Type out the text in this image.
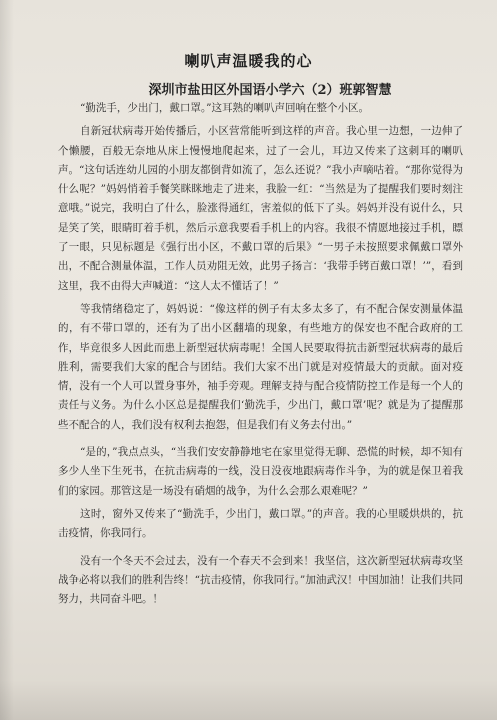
喇叭声温暖我的心
深圳市盐田区外国语小学六（2）班郭智慧

“勤洗手，少出门，戴口罩。”这耳熟的喇叭声回响在整个小区。

自新冠状病毒开始传播后，小区营常能听到这样的声音。我心里一边想，一边伸了个懒腰，百般无奈地从床上慢慢地爬起来，过了一会儿，耳边又传来了这刺耳的喇叭声。“这句话连幼儿园的小朋友都倒背如流了，怎么还说？”我小声嘀咕着。“那你觉得为什么呢？”妈妈悄着手餐笑眯眯地走了进来，我脸一红：“当然是为了提醒我们要时刻注意哦。”说完，我明白了什么，脸涨得通红，害羞似的低下了头。妈妈并没有说什么，只是笑了笑，眼睛盯着手机，然后示意我要看手机上的内容。我很不情愿地接过手机，瞟了一眼，只见标题是《强行出小区，不戴口罩的后果》“一男子未按照要求佩戴口罩外出，不配合测量体温，工作人员劝阻无效，此男子扬言：‘我带手铐百戴口罩！’”，看到这里，我不由得大声喊道：“这人太不懂话了！”

等我情绪稳定了，妈妈说：“像这样的例子有太多太多了，有不配合保安测量体温的，有不带口罩的，还有为了出小区翻墙的现象，有些地方的保安也不配合政府的工作，毕竟很多人因此而患上新型冠状病毒呢！全国人民要取得抗击新型冠状病毒的最后胜利，需要我们大家的配合与团结。我们大家不出门就是对疫情最大的贡献。面对疫情，没有一个人可以置身事外，袖手旁观。理解支持与配合疫情防控工作是每一个人的责任与义务。为什么小区总是提醒我们‘勤洗手，少出门，戴口罩’呢？就是为了提醒那些不配合的人，我们没有权利去抱怨，但是我们有义务去付出。”

“是的，”我点点头，“当我们安安静静地宅在家里觉得无聊、恐慌的时候，却不知有多少人坐下生死书，在抗击病毒的一线，没日没夜地跟病毒作斗争，为的就是保卫着我们的家园。那管这是一场没有硝烟的战争，为什么会那么艰难呢？”

这时，窗外又传来了“勤洗手，少出门，戴口罩。”的声音。我的心里暖烘烘的，抗击疫情，你我同行。

没有一个冬天不会过去，没有一个春天不会到来！我坚信，这次新型冠状病毒攻坚战争必将以我们的胜利告终！“抗击疫情，你我同行。”加油武汉！中国加油！让我们共同努力，共同奋斗吧。！
